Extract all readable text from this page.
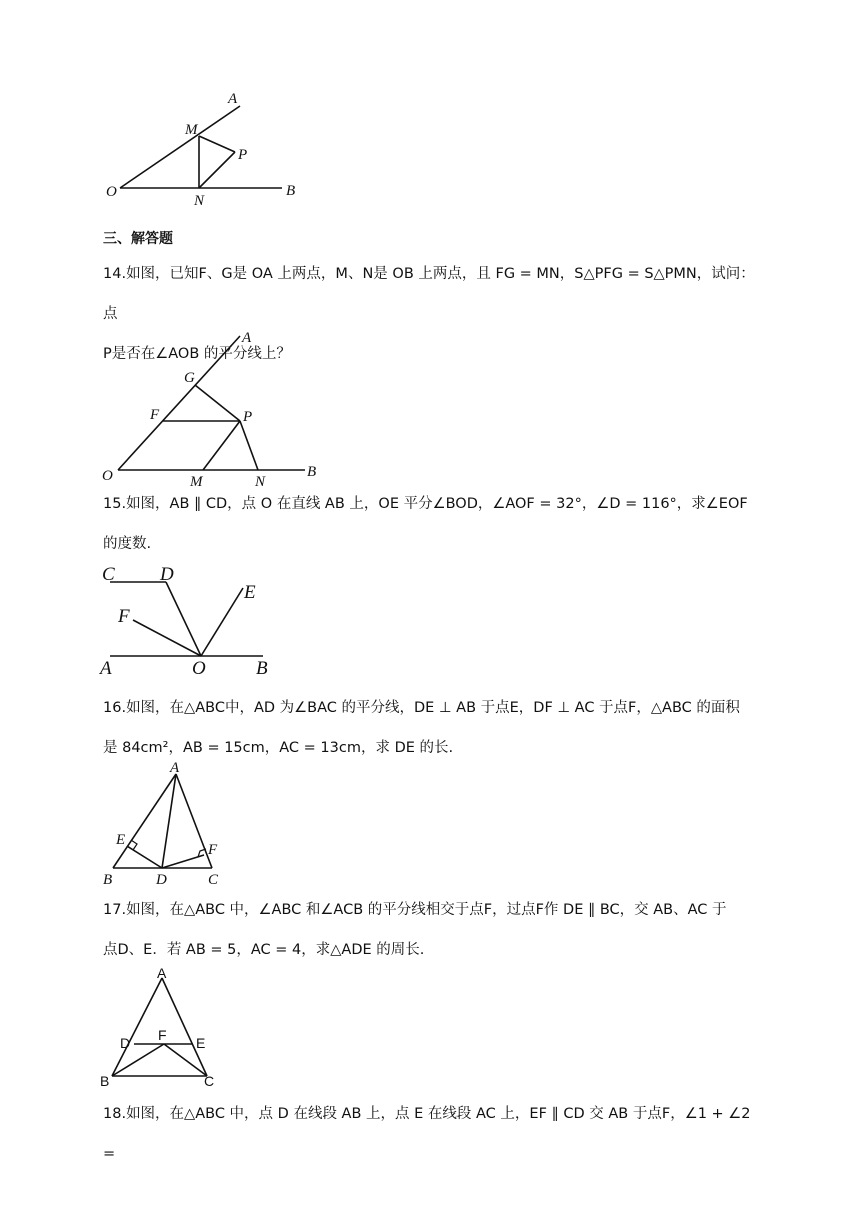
A
M
P
O
N
B
三、解答题
14.如图，已知F、G是 OA 上两点，M、N是 OB 上两点，且 FG = MN，S△PFG = S△PMN，试问：点
P是否在∠AOB 的平分线上？
A
G
F	P
O	M	N
B
15.如图，AB ∥ CD，点 O 在直线 AB 上，OE 平分∠BOD，∠AOF = 32°，∠D = 116°，求∠EOF
的度数.
C D
E
F
A	O	B
16.如图，在△ABC中，AD 为∠BAC 的平分线，DE ⊥ AB 于点E，DF ⊥ AC 于点F，△ABC 的面积
是 84cm²，AB = 15cm，AC = 13cm，求 DE 的长.
A
E
F
B	D	C
17.如图，在△ABC 中，∠ABC 和∠ACB 的平分线相交于点F，过点F作 DE ∥ BC，交 AB、AC 于
点D、E．若 AB = 5，AC = 4，求△ADE 的周长.
A
D F E
B	C
18.如图，在△ABC 中，点 D 在线段 AB 上，点 E 在线段 AC 上，EF ∥ CD 交 AB 于点F，∠1 + ∠2 =
